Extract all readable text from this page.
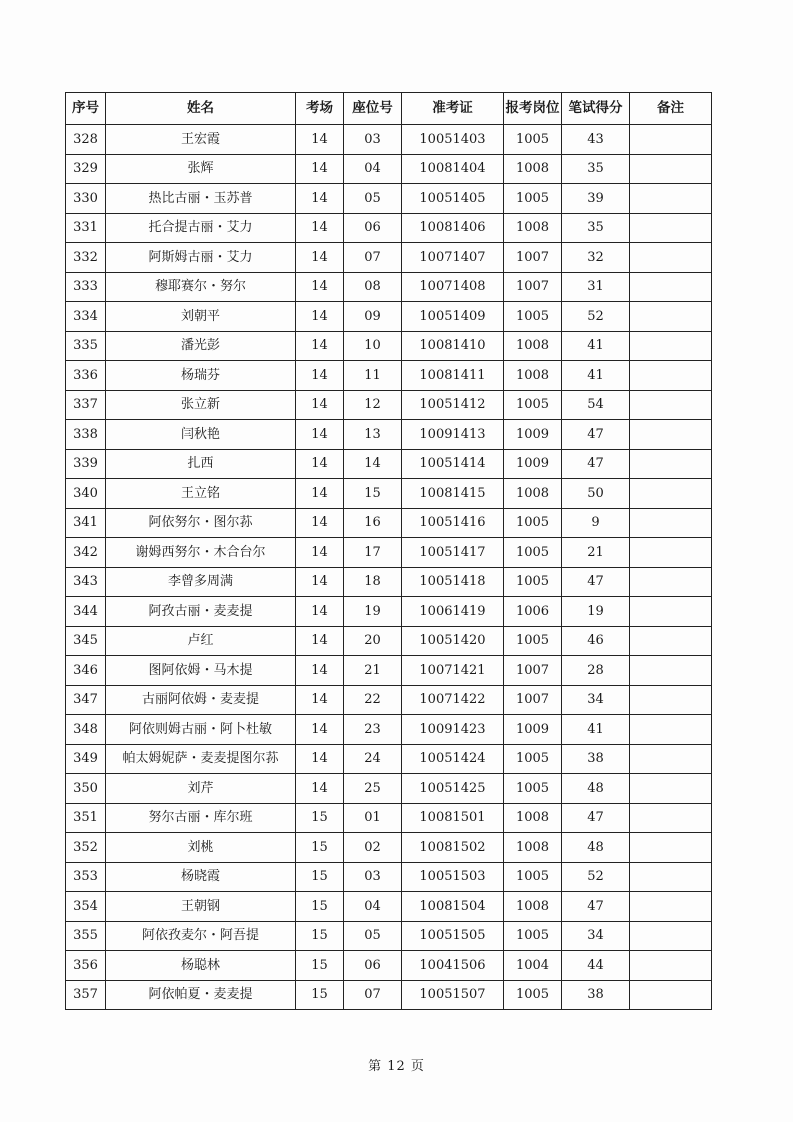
序号	姓名	考场	座位号	准考证	报考岗位	笔试得分	备注
328	王宏霞	14	03	10051403	1005	43	
329	张辉	14	04	10081404	1008	35	
330	热比古丽・玉苏普	14	05	10051405	1005	39	
331	托合提古丽・艾力	14	06	10081406	1008	35	
332	阿斯姆古丽・艾力	14	07	10071407	1007	32	
333	穆耶赛尔・努尔	14	08	10071408	1007	31	
334	刘朝平	14	09	10051409	1005	52	
335	潘光彭	14	10	10081410	1008	41	
336	杨瑞芬	14	11	10081411	1008	41	
337	张立新	14	12	10051412	1005	54	
338	闫秋艳	14	13	10091413	1009	47	
339	扎西	14	14	10051414	1009	47	
340	王立铭	14	15	10081415	1008	50	
341	阿依努尔・图尔荪	14	16	10051416	1005	9	
342	谢姆西努尔・木合台尔	14	17	10051417	1005	21	
343	李曾多周满	14	18	10051418	1005	47	
344	阿孜古丽・麦麦提	14	19	10061419	1006	19	
345	卢红	14	20	10051420	1005	46	
346	图阿依姆・马木提	14	21	10071421	1007	28	
347	古丽阿依姆・麦麦提	14	22	10071422	1007	34	
348	阿依则姆古丽・阿卜杜敏	14	23	10091423	1009	41	
349	帕太姆妮萨・麦麦提图尔荪	14	24	10051424	1005	38	
350	刘芹	14	25	10051425	1005	48	
351	努尔古丽・库尔班	15	01	10081501	1008	47	
352	刘桃	15	02	10081502	1008	48	
353	杨晓霞	15	03	10051503	1005	52	
354	王朝钢	15	04	10081504	1008	47	
355	阿依孜麦尔・阿吾提	15	05	10051505	1005	34	
356	杨聪林	15	06	10041506	1004	44	
357	阿依帕夏・麦麦提	15	07	10051507	1005	38	
第 12 页
